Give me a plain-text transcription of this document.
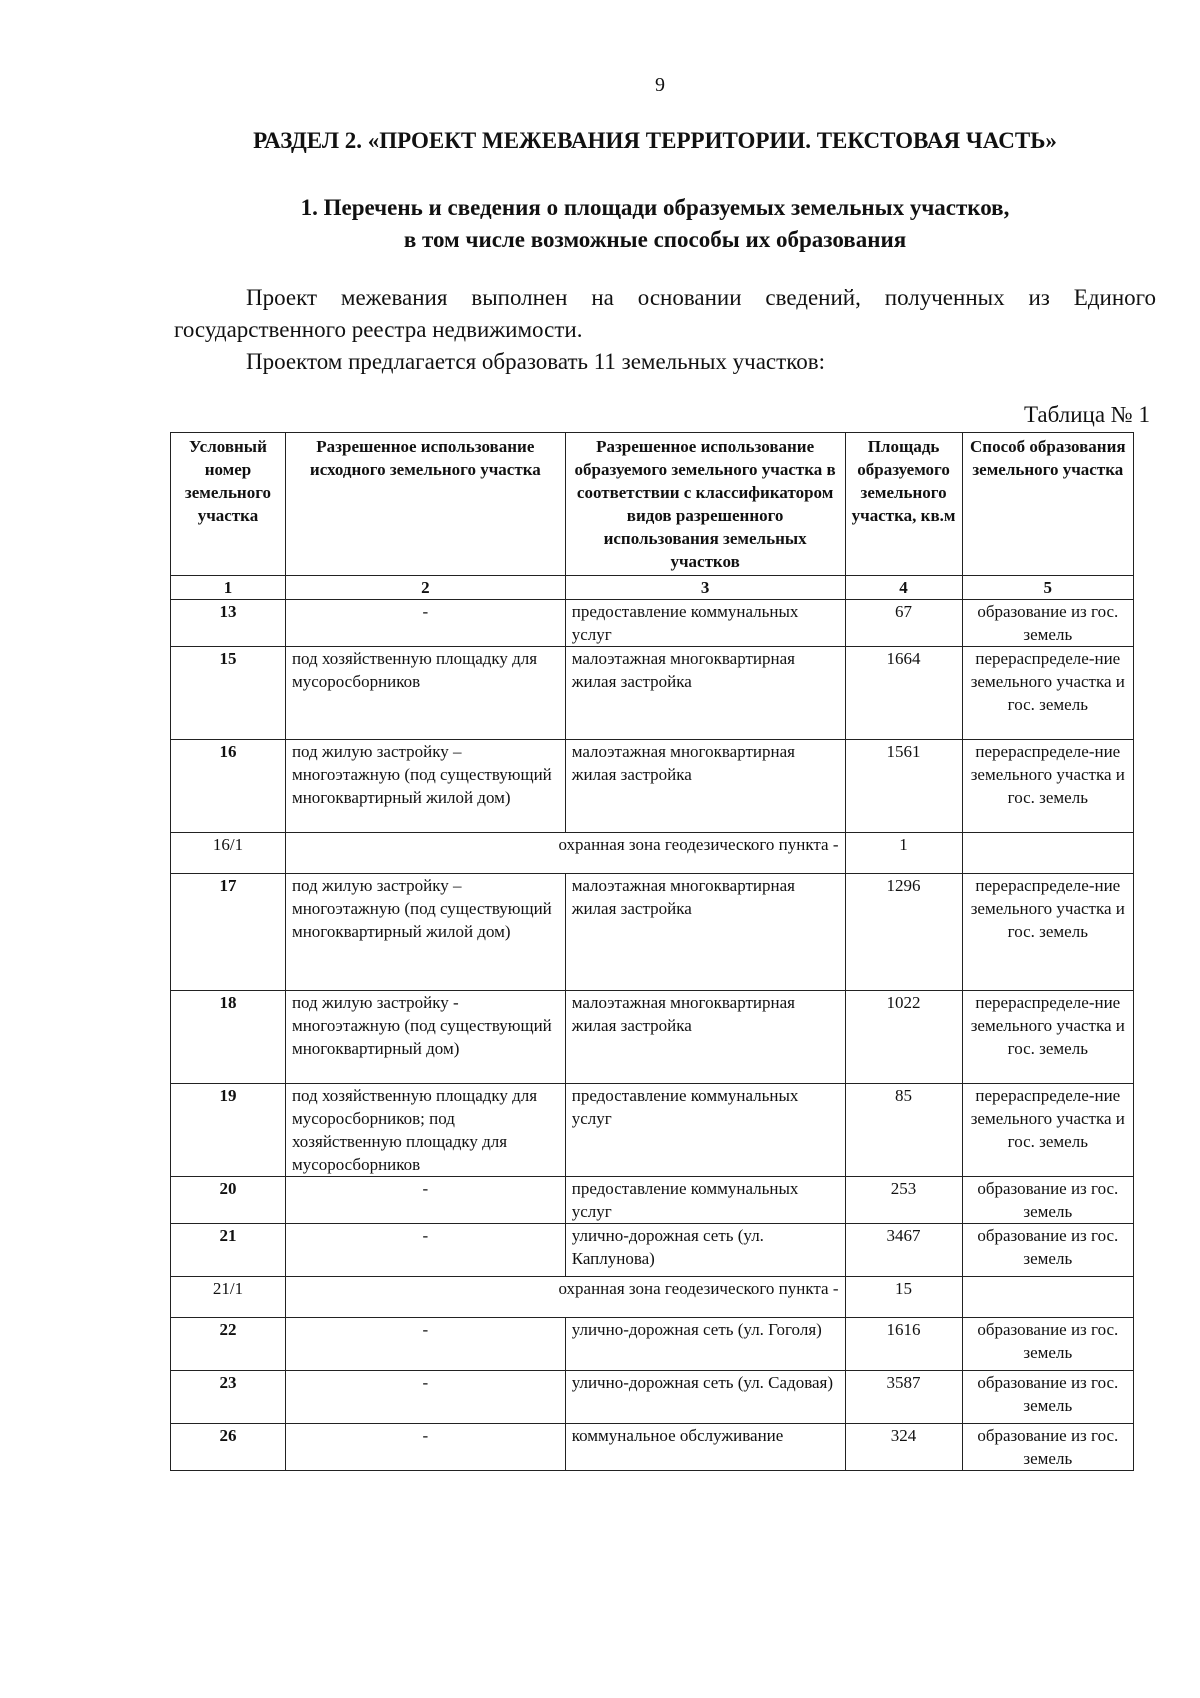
9
РАЗДЕЛ 2. «ПРОЕКТ МЕЖЕВАНИЯ ТЕРРИТОРИИ. ТЕКСТОВАЯ ЧАСТЬ»
1. Перечень и сведения о площади образуемых земельных участков,
в том числе возможные способы их образования
Проект межевания выполнен на основании сведений, полученных из Единого государственного реестра недвижимости.
Проектом предлагается образовать 11 земельных участков:
Таблица № 1
Условный номер земельного участка	Разрешенное использование исходного земельного участка	Разрешенное использование образуемого земельного участка в соответствии с классификатором видов разрешенного использования земельных участков	Площадь образуемого земельного участка, кв.м	Способ образования земельного участка
1	2	3	4	5
13	-	предоставление коммунальных услуг	67	образование из гос. земель
15	под хозяйственную площадку для мусоросборников	малоэтажная многоквартирная жилая застройка	1664	перераспределе-ние земельного участка и гос. земель
16	под жилую застройку – многоэтажную (под существующий многоквартирный жилой дом)	малоэтажная многоквартирная жилая застройка	1561	перераспределе-ние земельного участка и гос. земель
16/1	охранная зона геодезического пункта -		1	
17	под жилую застройку – многоэтажную (под существующий многоквартирный жилой дом)	малоэтажная многоквартирная жилая застройка	1296	перераспределе-ние земельного участка и гос. земель
18	под жилую застройку - многоэтажную (под существующий многоквартирный дом)	малоэтажная многоквартирная жилая застройка	1022	перераспределе-ние земельного участка и гос. земель
19	под хозяйственную площадку для мусоросборников; под хозяйственную площадку для мусоросборников	предоставление коммунальных услуг	85	перераспределе-ние земельного участка и гос. земель
20	-	предоставление коммунальных услуг	253	образование из гос. земель
21	-	улично-дорожная сеть (ул. Каплунова)	3467	образование из гос. земель
21/1	охранная зона геодезического пункта -		15	
22	-	улично-дорожная сеть (ул. Гоголя)	1616	образование из гос. земель
23	-	улично-дорожная сеть (ул. Садовая)	3587	образование из гос. земель
26	-	коммунальное обслуживание	324	образование из гос. земель
